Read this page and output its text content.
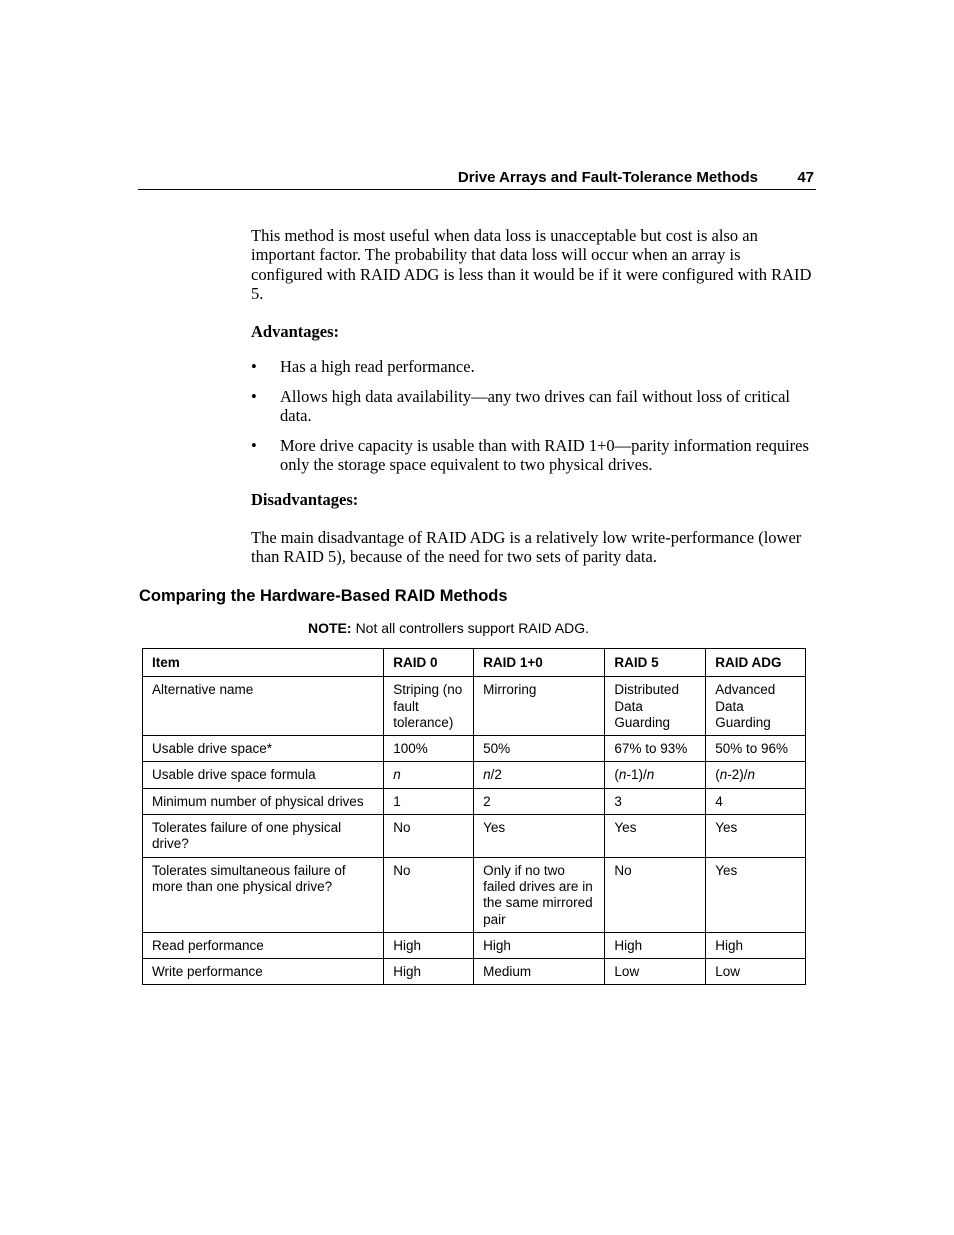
Drive Arrays and Fault-Tolerance Methods	47
This method is most useful when data loss is unacceptable but cost is also an important factor. The probability that data loss will occur when an array is configured with RAID ADG is less than it would be if it were configured with RAID 5.
Advantages:
• Has a high read performance.
• Allows high data availability—any two drives can fail without loss of critical data.
• More drive capacity is usable than with RAID 1+0—parity information requires only the storage space equivalent to two physical drives.
Disadvantages:
The main disadvantage of RAID ADG is a relatively low write-performance (lower than RAID 5), because of the need for two sets of parity data.
Comparing the Hardware-Based RAID Methods
NOTE: Not all controllers support RAID ADG.
Item	RAID 0	RAID 1+0	RAID 5	RAID ADG
Alternative name	Striping (no fault tolerance)	Mirroring	Distributed Data Guarding	Advanced Data Guarding
Usable drive space*	100%	50%	67% to 93%	50% to 96%
Usable drive space formula	n	n/2	(n-1)/n	(n-2)/n
Minimum number of physical drives	1	2	3	4
Tolerates failure of one physical drive?	No	Yes	Yes	Yes
Tolerates simultaneous failure of more than one physical drive?	No	Only if no two failed drives are in the same mirrored pair	No	Yes
Read performance	High	High	High	High
Write performance	High	Medium	Low	Low
